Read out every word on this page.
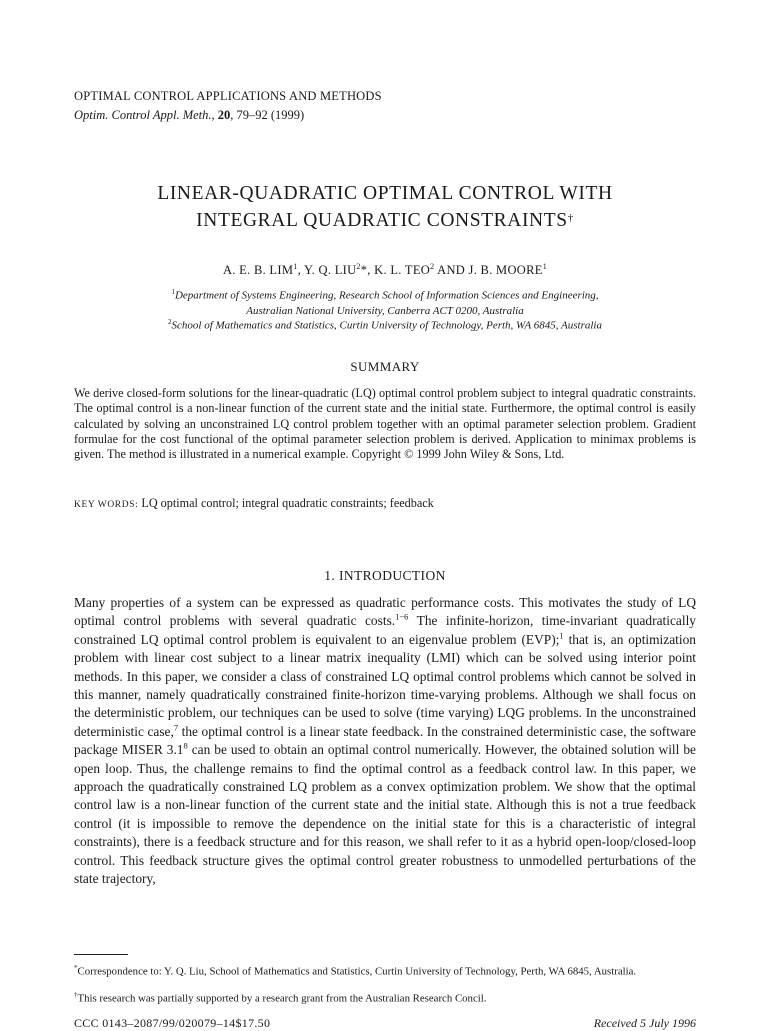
OPTIMAL CONTROL APPLICATIONS AND METHODS
Optim. Control Appl. Meth., 20, 79–92 (1999)
LINEAR-QUADRATIC OPTIMAL CONTROL WITH
INTEGRAL QUADRATIC CONSTRAINTS†
A. E. B. LIM$^1$, Y. Q. LIU$^2$*, K. L. TEO$^2$ AND J. B. MOORE$^1$
$^1$Department of Systems Engineering, Research School of Information Sciences and Engineering,
Australian National University, Canberra ACT 0200, Australia
$^2$School of Mathematics and Statistics, Curtin University of Technology, Perth, WA 6845, Australia
SUMMARY
We derive closed-form solutions for the linear-quadratic (LQ) optimal control problem subject to integral quadratic constraints. The optimal control is a non-linear function of the current state and the initial state. Furthermore, the optimal control is easily calculated by solving an unconstrained LQ control problem together with an optimal parameter selection problem. Gradient formulae for the cost functional of the optimal parameter selection problem is derived. Application to minimax problems is given. The method is illustrated in a numerical example. Copyright © 1999 John Wiley & Sons, Ltd.
KEY WORDS: LQ optimal control; integral quadratic constraints; feedback
1. INTRODUCTION
Many properties of a system can be expressed as quadratic performance costs. This motivates the study of LQ optimal control problems with several quadratic costs.$^{1-6}$ The infinite-horizon, time-invariant quadratically constrained LQ optimal control problem is equivalent to an eigenvalue problem (EVP);$^1$ that is, an optimization problem with linear cost subject to a linear matrix inequality (LMI) which can be solved using interior point methods. In this paper, we consider a class of constrained LQ optimal control problems which cannot be solved in this manner, namely quadratically constrained finite-horizon time-varying problems. Although we shall focus on the deterministic problem, our techniques can be used to solve (time varying) LQG problems. In the unconstrained deterministic case,$^7$ the optimal control is a linear state feedback. In the constrained deterministic case, the software package MISER $3.1^8$ can be used to obtain an optimal control numerically. However, the obtained solution will be open loop. Thus, the challenge remains to find the optimal control as a feedback control law. In this paper, we approach the quadratically constrained LQ problem as a convex optimization problem. We show that the optimal control law is a non-linear function of the current state and the initial state. Although this is not a true feedback control (it is impossible to remove the dependence on the initial state for this is a characteristic of integral constraints), there is a feedback structure and for this reason, we shall refer to it as a hybrid open-loop/closed-loop control. This feedback structure gives the optimal control greater robustness to unmodelled perturbations of the state trajectory,
*Correspondence to: Y. Q. Liu, School of Mathematics and Statistics, Curtin University of Technology, Perth, WA 6845, Australia.
†This research was partially supported by a research grant from the Australian Research Concil.
CCC 0143–2087/99/020079–14$17.50	Received 5 July 1996
